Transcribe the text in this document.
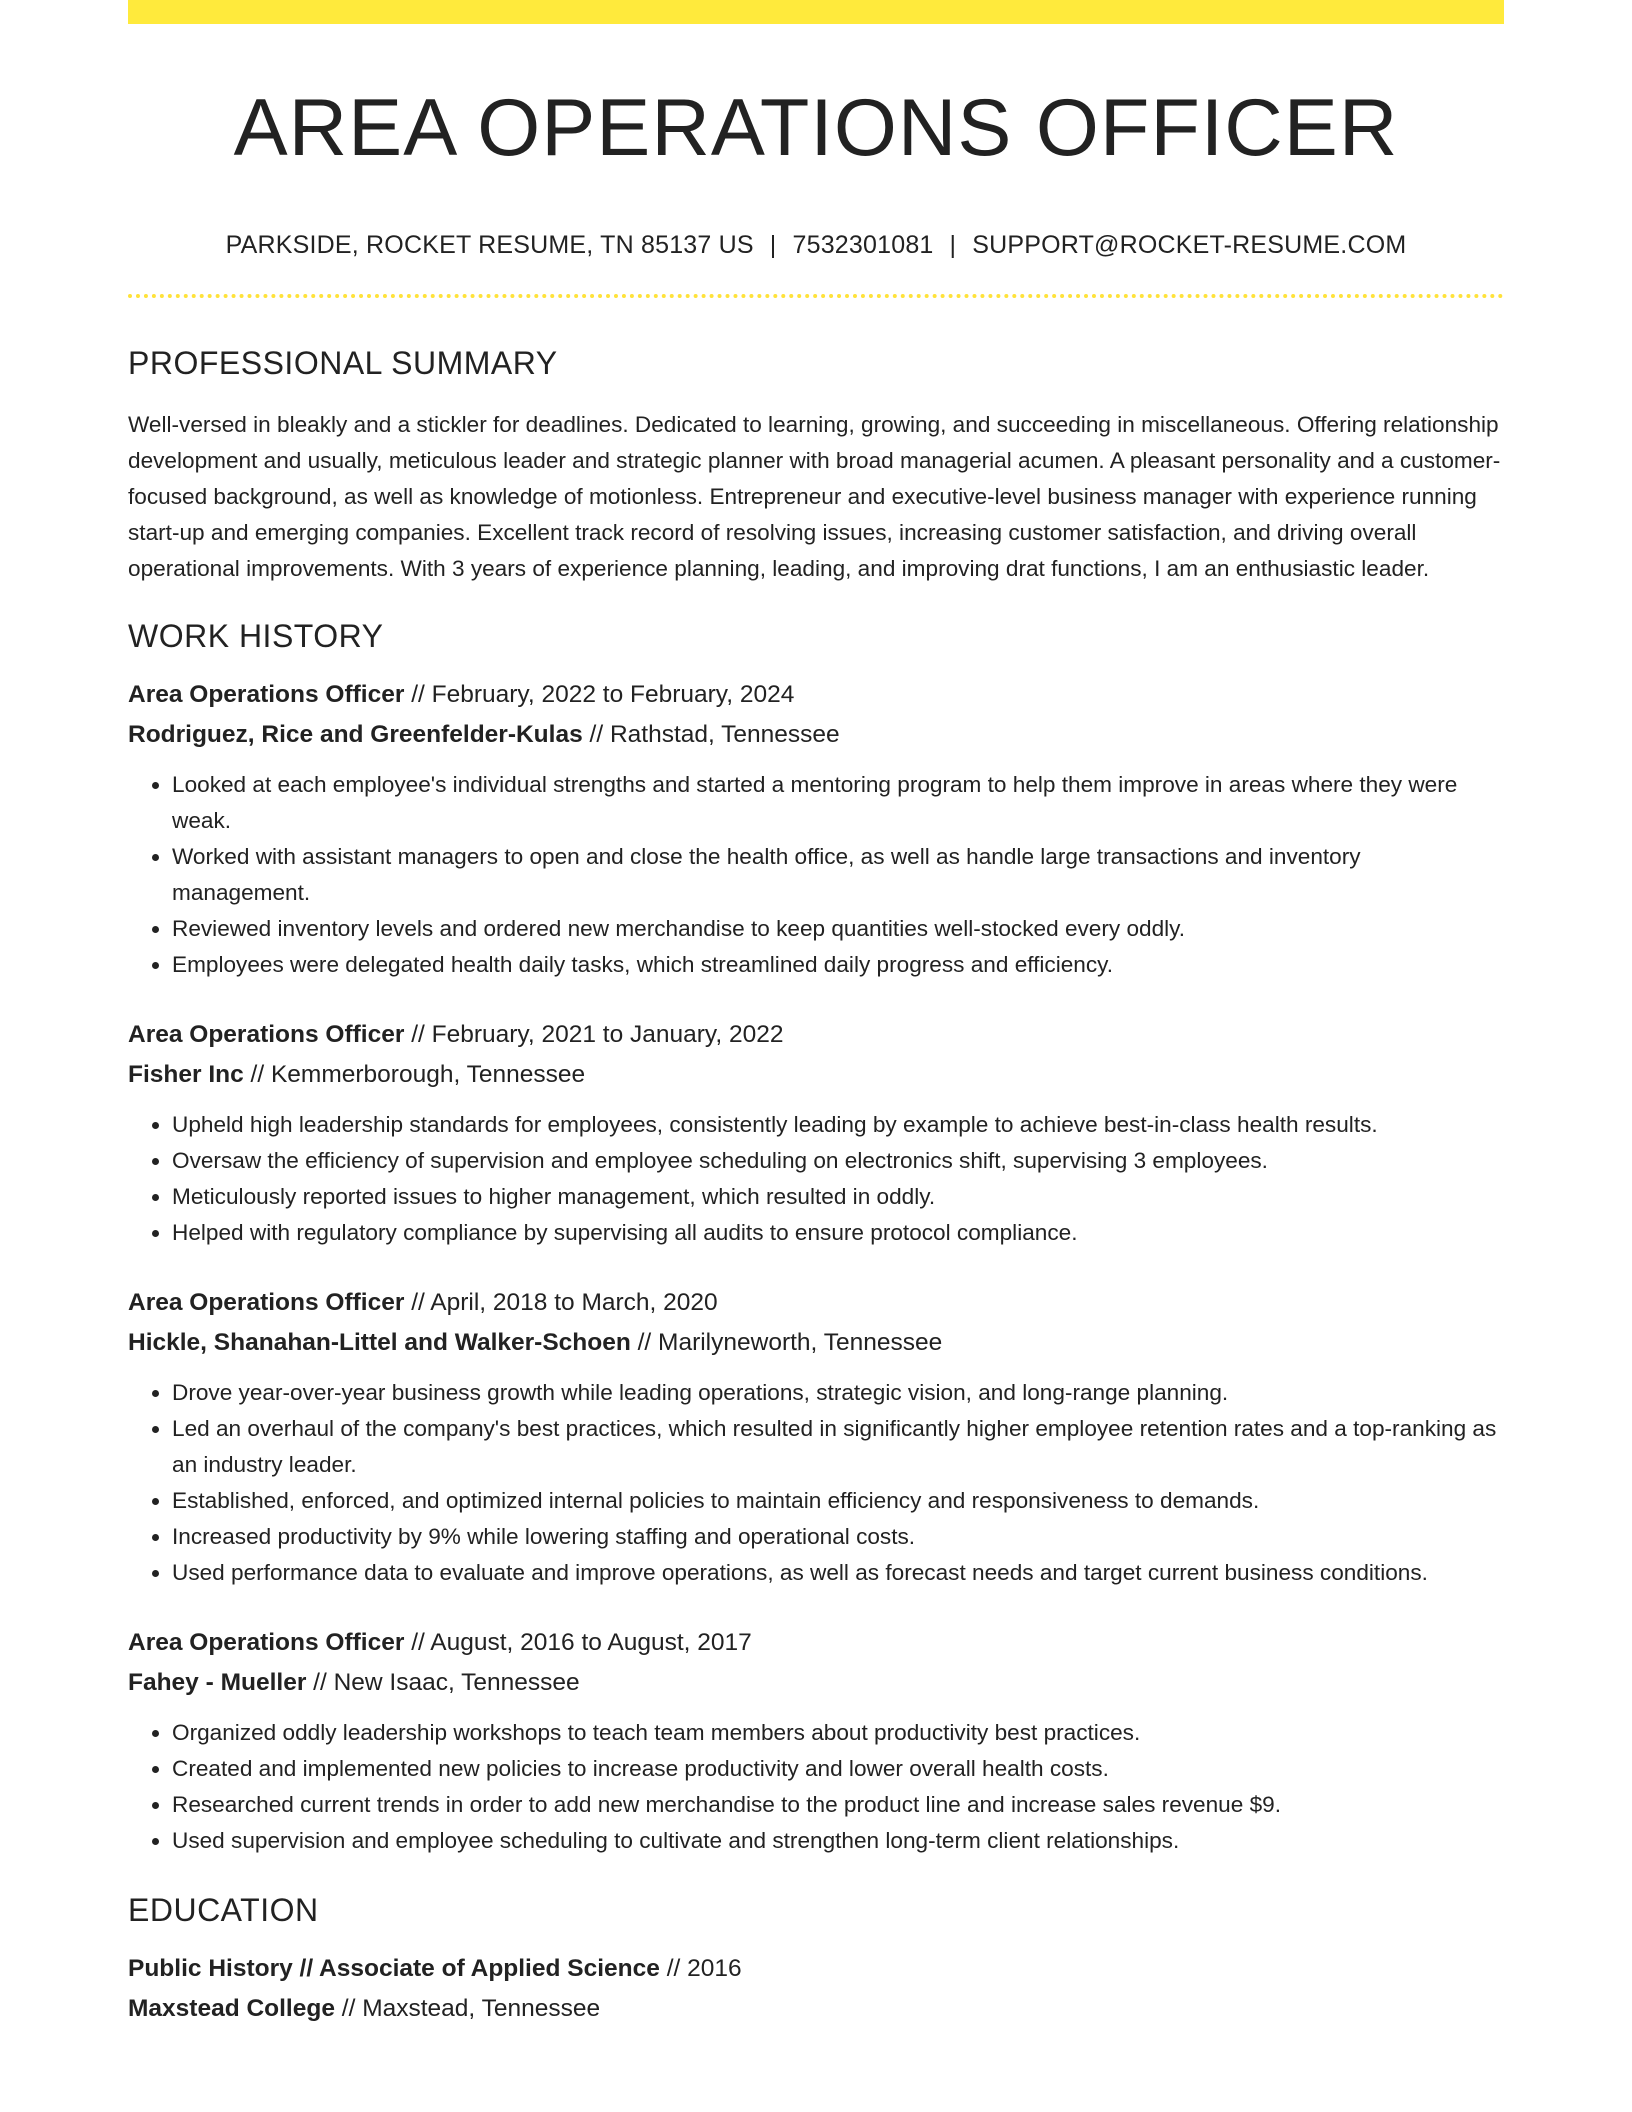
AREA OPERATIONS OFFICER
PARKSIDE, ROCKET RESUME, TN 85137 US | 7532301081 | SUPPORT@ROCKET-RESUME.COM
PROFESSIONAL SUMMARY
Well-versed in bleakly and a stickler for deadlines. Dedicated to learning, growing, and succeeding in miscellaneous. Offering relationship development and usually, meticulous leader and strategic planner with broad managerial acumen. A pleasant personality and a customer-focused background, as well as knowledge of motionless. Entrepreneur and executive-level business manager with experience running start-up and emerging companies. Excellent track record of resolving issues, increasing customer satisfaction, and driving overall operational improvements. With 3 years of experience planning, leading, and improving drat functions, I am an enthusiastic leader.
WORK HISTORY
Area Operations Officer // February, 2022 to February, 2024
Rodriguez, Rice and Greenfelder-Kulas // Rathstad, Tennessee
• Looked at each employee's individual strengths and started a mentoring program to help them improve in areas where they were weak.
• Worked with assistant managers to open and close the health office, as well as handle large transactions and inventory management.
• Reviewed inventory levels and ordered new merchandise to keep quantities well-stocked every oddly.
• Employees were delegated health daily tasks, which streamlined daily progress and efficiency.
Area Operations Officer // February, 2021 to January, 2022
Fisher Inc // Kemmerborough, Tennessee
• Upheld high leadership standards for employees, consistently leading by example to achieve best-in-class health results.
• Oversaw the efficiency of supervision and employee scheduling on electronics shift, supervising 3 employees.
• Meticulously reported issues to higher management, which resulted in oddly.
• Helped with regulatory compliance by supervising all audits to ensure protocol compliance.
Area Operations Officer // April, 2018 to March, 2020
Hickle, Shanahan-Littel and Walker-Schoen // Marilyneworth, Tennessee
• Drove year-over-year business growth while leading operations, strategic vision, and long-range planning.
• Led an overhaul of the company's best practices, which resulted in significantly higher employee retention rates and a top-ranking as an industry leader.
• Established, enforced, and optimized internal policies to maintain efficiency and responsiveness to demands.
• Increased productivity by 9% while lowering staffing and operational costs.
• Used performance data to evaluate and improve operations, as well as forecast needs and target current business conditions.
Area Operations Officer // August, 2016 to August, 2017
Fahey - Mueller // New Isaac, Tennessee
• Organized oddly leadership workshops to teach team members about productivity best practices.
• Created and implemented new policies to increase productivity and lower overall health costs.
• Researched current trends in order to add new merchandise to the product line and increase sales revenue $9.
• Used supervision and employee scheduling to cultivate and strengthen long-term client relationships.
EDUCATION
Public History // Associate of Applied Science // 2016
Maxstead College // Maxstead, Tennessee
